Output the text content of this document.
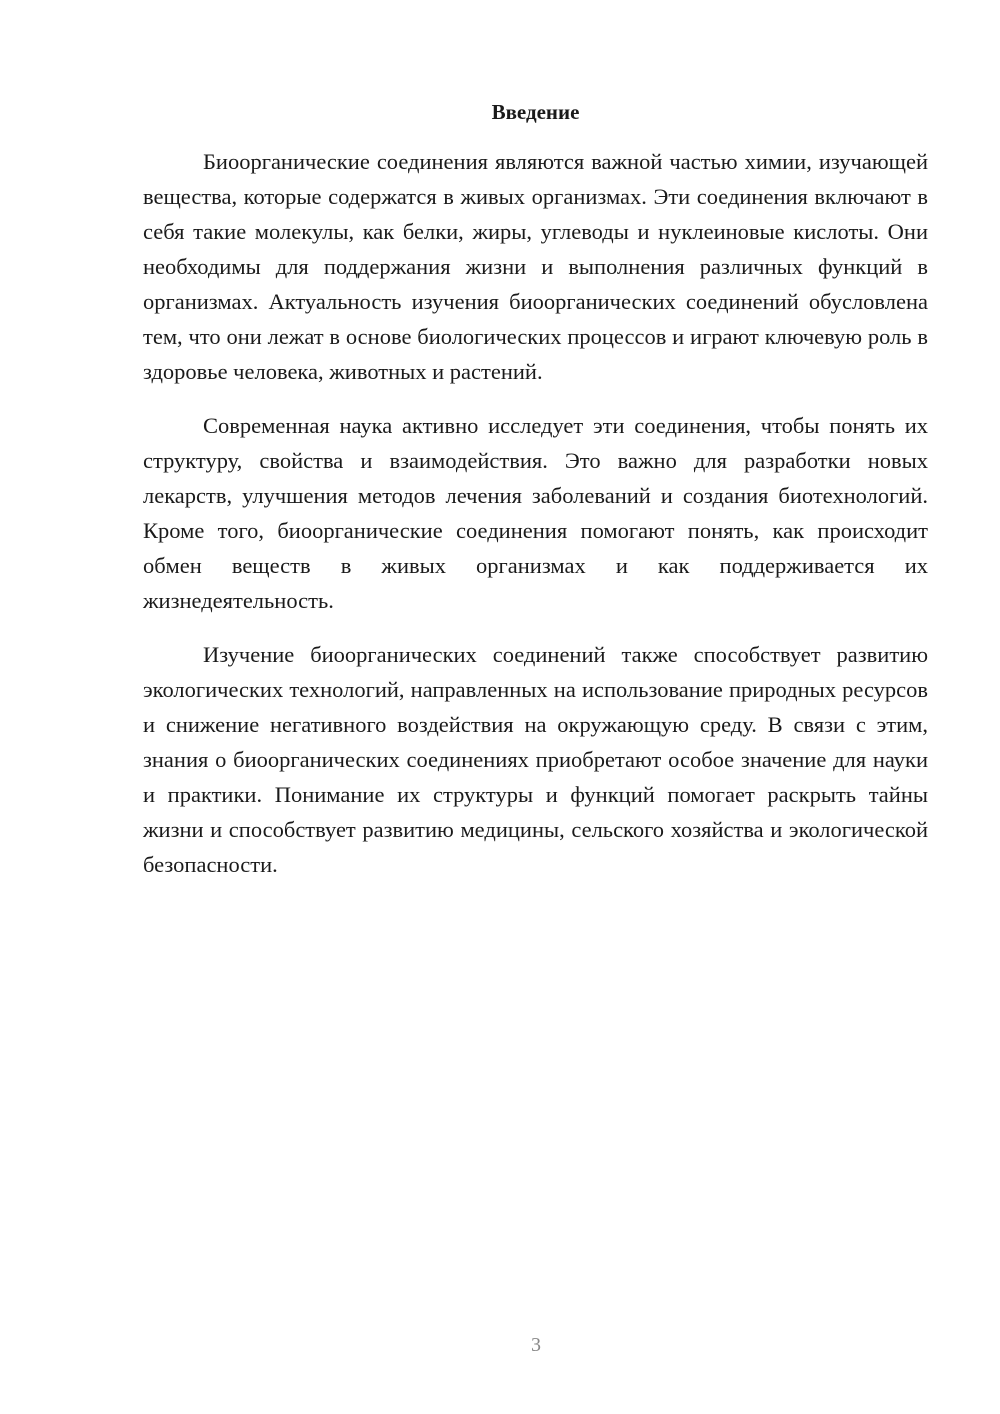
Введение

Биоорганические соединения являются важной частью химии, изучающей вещества, которые содержатся в живых организмах. Эти соединения включают в себя такие молекулы, как белки, жиры, углеводы и нуклеиновые кислоты. Они необходимы для поддержания жизни и выполнения различных функций в организмах. Актуальность изучения биоорганических соединений обусловлена тем, что они лежат в основе биологических процессов и играют ключевую роль в здоровье человека, животных и растений.

Современная наука активно исследует эти соединения, чтобы понять их структуру, свойства и взаимодействия. Это важно для разработки новых лекарств, улучшения методов лечения заболеваний и создания биотехнологий. Кроме того, биоорганические соединения помогают понять, как происходит обмен веществ в живых организмах и как поддерживается их жизнедеятельность.

Изучение биоорганических соединений также способствует развитию экологических технологий, направленных на использование природных ресурсов и снижение негативного воздействия на окружающую среду. В связи с этим, знания о биоорганических соединениях приобретают особое значение для науки и практики. Понимание их структуры и функций помогает раскрыть тайны жизни и способствует развитию медицины, сельского хозяйства и экологической безопасности.

3
